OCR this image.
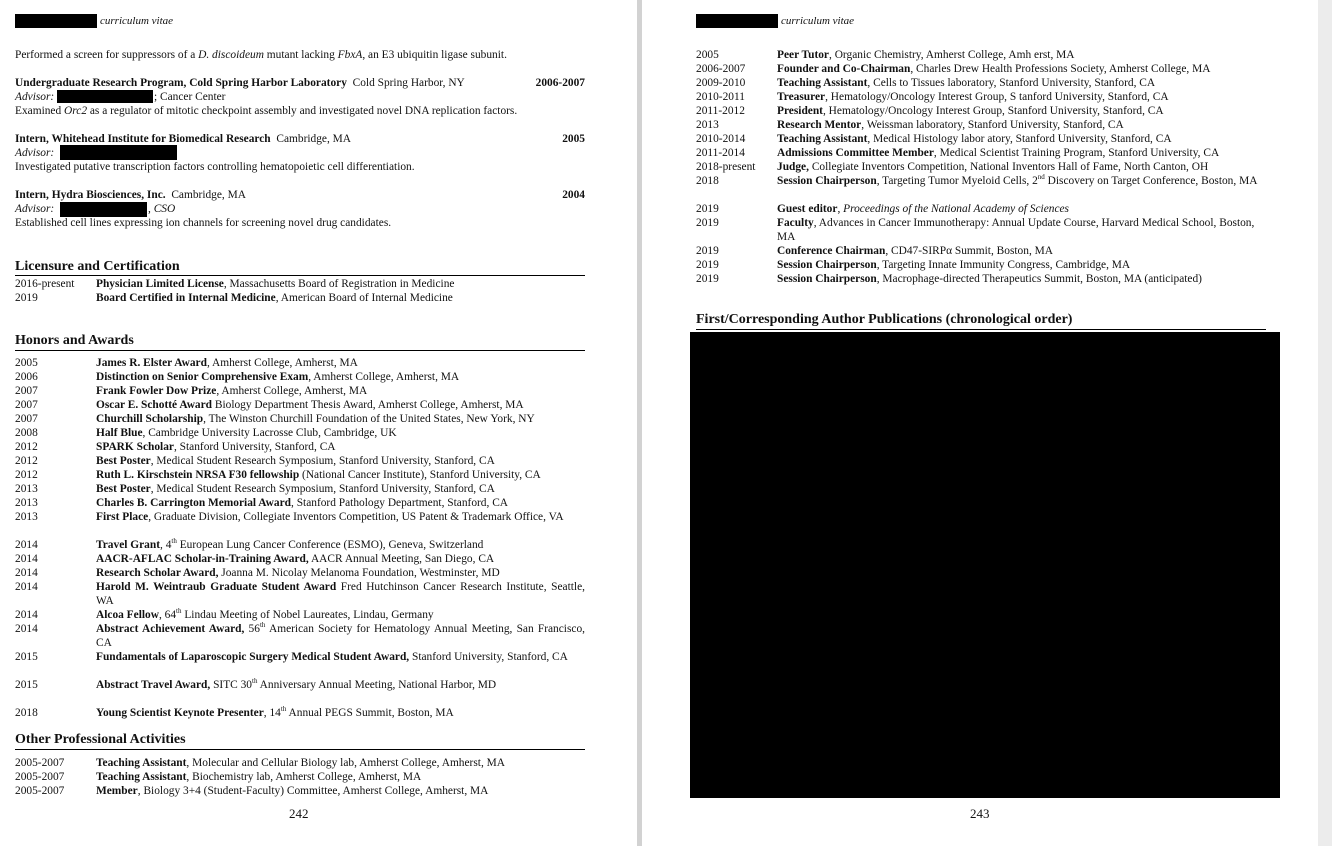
curriculum vitae
Performed a screen for suppressors of a D. discoideum mutant lacking FbxA, an E3 ubiquitin ligase subunit.
Undergraduate Research Program, Cold Spring Harbor Laboratory Cold Spring Harbor, NY	2006-2007
Advisor:	; Cancer Center
Examined Orc2 as a regulator of mitotic checkpoint assembly and investigated novel DNA replication factors.
Intern, Whitehead Institute for Biomedical Research Cambridge, MA	2005
Advisor:
Investigated putative transcription factors controlling hematopoietic cell differentiation.
Intern, Hydra Biosciences, Inc. Cambridge, MA	2004
Advisor:	, CSO
Established cell lines expressing ion channels for screening novel drug candidates.
Licensure and Certification
2016-present Physician Limited License, Massachusetts Board of Registration in Medicine
2019	Board Certified in Internal Medicine, American Board of Internal Medicine
Honors and Awards
2005	James R. Elster Award, Amherst College, Amherst, MA
2006	Distinction on Senior Comprehensive Exam, Amherst College, Amherst, MA
2007	Frank Fowler Dow Prize, Amherst College, Amherst, MA
2007	Oscar E. Schotté Award Biology Department Thesis Award, Amherst College, Amherst, MA
2007	Churchill Scholarship, The Winston Churchill Foundation of the United States, New York, NY
2008	Half Blue, Cambridge University Lacrosse Club, Cambridge, UK
2012	SPARK Scholar, Stanford University, Stanford, CA
2012	Best Poster, Medical Student Research Symposium, Stanford University, Stanford, CA
2012	Ruth L. Kirschstein NRSA F30 fellowship (National Cancer Institute), Stanford University, CA
2013	Best Poster, Medical Student Research Symposium, Stanford University, Stanford, CA
2013	Charles B. Carrington Memorial Award, Stanford Pathology Department, Stanford, CA
2013	First Place, Graduate Division, Collegiate Inventors Competition, US Patent & Trademark Office, VA
2014	Travel Grant, 4th European Lung Cancer Conference (ESMO), Geneva, Switzerland
2014	AACR-AFLAC Scholar-in-Training Award, AACR Annual Meeting, San Diego, CA
2014	Research Scholar Award, Joanna M. Nicolay Melanoma Foundation, Westminster, MD
2014	Harold M. Weintraub Graduate Student Award Fred Hutchinson Cancer Research Institute, Seattle, WA
2014	Alcoa Fellow, 64th Lindau Meeting of Nobel Laureates, Lindau, Germany
2014	Abstract Achievement Award, 56th American Society for Hematology Annual Meeting, San Francisco, CA
2015	Fundamentals of Laparoscopic Surgery Medical Student Award, Stanford University, Stanford, CA
2015	Abstract Travel Award, SITC 30th Anniversary Annual Meeting, National Harbor, MD
2018	Young Scientist Keynote Presenter, 14th Annual PEGS Summit, Boston, MA
Other Professional Activities
2005-2007	Teaching Assistant, Molecular and Cellular Biology lab, Amherst College, Amherst, MA
2005-2007	Teaching Assistant, Biochemistry lab, Amherst College, Amherst, MA
2005-2007	Member, Biology 3+4 (Student-Faculty) Committee, Amherst College, Amherst, MA
242
curriculum vitae
2005	Peer Tutor, Organic Chemistry, Amherst College, Amh erst, MA
2006-2007	Founder and Co-Chairman, Charles Drew Health Professions Society, Amherst College, MA
2009-2010	Teaching Assistant, Cells to Tissues laboratory, Stanford University, Stanford, CA
2010-2011	Treasurer, Hematology/Oncology Interest Group, S tanford University, Stanford, CA
2011-2012	President, Hematology/Oncology Interest Group, Stanford University, Stanford, CA
2013	Research Mentor, Weissman laboratory, Stanford University, Stanford, CA
2010-2014	Teaching Assistant, Medical Histology labor atory, Stanford University, Stanford, CA
2011-2014	Admissions Committee Member, Medical Scientist Training Program, Stanford University, CA
2018-present Judge, Collegiate Inventors Competition, National Inventors Hall of Fame, North Canton, OH
2018	Session Chairperson, Targeting Tumor Myeloid Cells, 2nd Discovery on Target Conference, Boston, MA
2019	Guest editor, Proceedings of the National Academy of Sciences
2019	Faculty, Advances in Cancer Immunotherapy: Annual Update Course, Harvard Medical School, Boston, MA
2019	Conference Chairman, CD47-SIRPα Summit, Boston, MA
2019	Session Chairperson, Targeting Innate Immunity Congress, Cambridge, MA
2019	Session Chairperson, Macrophage-directed Therapeutics Summit, Boston, MA (anticipated)
First/Corresponding Author Publications (chronological order)
243
